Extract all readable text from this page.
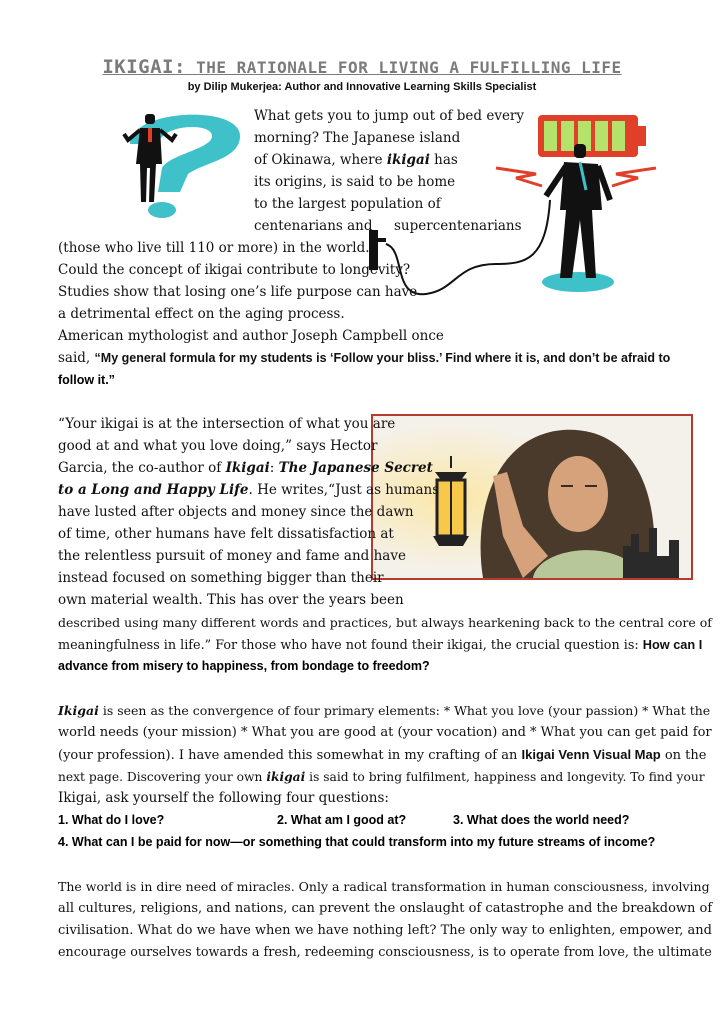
IKIGAI: THE RATIONALE FOR LIVING A FULFILLING LIFE
by Dilip Mukerjea: Author and Innovative Learning Skills Specialist
What gets you to jump out of bed every
morning? The Japanese island
of Okinawa, where ikigai has
its origins, is said to be home
to the largest population of
centenarians and supercentenarians
(those who live till 110 or more) in the world.
Could the concept of ikigai contribute to longevity?
Studies show that losing one’s life purpose can have
a detrimental effect on the aging process.
American mythologist and author Joseph Campbell once
said, “My general formula for my students is ‘Follow your bliss.’ Find where it is, and don’t be afraid to
follow it.”
“Your ikigai is at the intersection of what you are
good at and what you love doing,” says Hector
Garcia, the co-author of Ikigai: The Japanese Secret
to a Long and Happy Life. He writes,“Just as humans
have lusted after objects and money since the dawn
of time, other humans have felt dissatisfaction at
the relentless pursuit of money and fame and have
instead focused on something bigger than their
own material wealth. This has over the years been
described using many different words and practices, but always hearkening back to the central core of
meaningfulness in life.” For those who have not found their ikigai, the crucial question is: How can I
advance from misery to happiness, from bondage to freedom?
Ikigai is seen as the convergence of four primary elements: * What you love (your passion) * What the
world needs (your mission) * What you are good at (your vocation) and * What you can get paid for
(your profession). I have amended this somewhat in my crafting of an Ikigai Venn Visual Map on the
next page. Discovering your own ikigai is said to bring fulfilment, happiness and longevity. To find your
Ikigai, ask yourself the following four questions:
1. What do I love?	2. What am I good at?	3. What does the world need?
4. What can I be paid for now—or something that could transform into my future streams of income?
The world is in dire need of miracles. Only a radical transformation in human consciousness, involving
all cultures, religions, and nations, can prevent the onslaught of catastrophe and the breakdown of
civilisation. What do we have when we have nothing left? The only way to enlighten, empower, and
encourage ourselves towards a fresh, redeeming consciousness, is to operate from love, the ultimate
